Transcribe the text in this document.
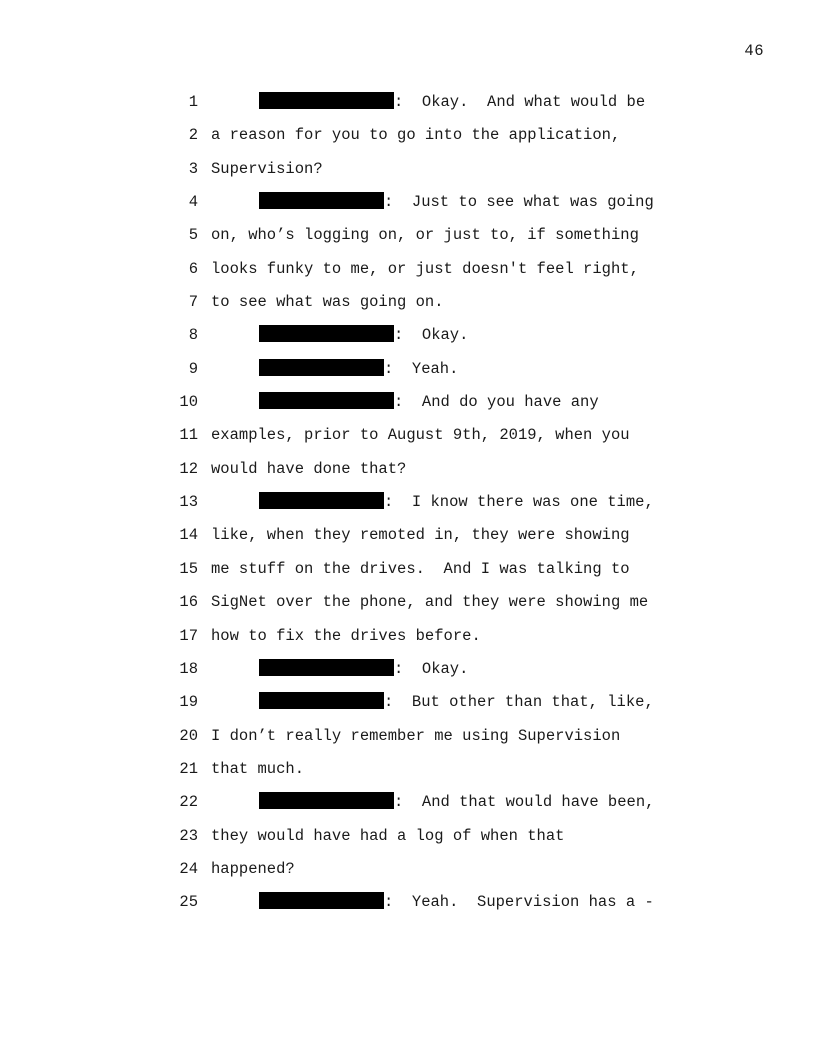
46
1	:  Okay.  And what would be
2 a reason for you to go into the application,
3 Supervision?
4	:  Just to see what was going
5 on, who’s logging on, or just to, if something
6 looks funky to me, or just doesn't feel right,
7 to see what was going on.
8	:  Okay.
9	:  Yeah.
10	:  And do you have any
11 examples, prior to August 9th, 2019, when you
12 would have done that?
13	:  I know there was one time,
14 like, when they remoted in, they were showing
15 me stuff on the drives.  And I was talking to
16 SigNet over the phone, and they were showing me
17 how to fix the drives before.
18	:  Okay.
19	:  But other than that, like,
20 I don’t really remember me using Supervision
21 that much.
22	:  And that would have been,
23 they would have had a log of when that
24 happened?
25	:  Yeah.  Supervision has a -
